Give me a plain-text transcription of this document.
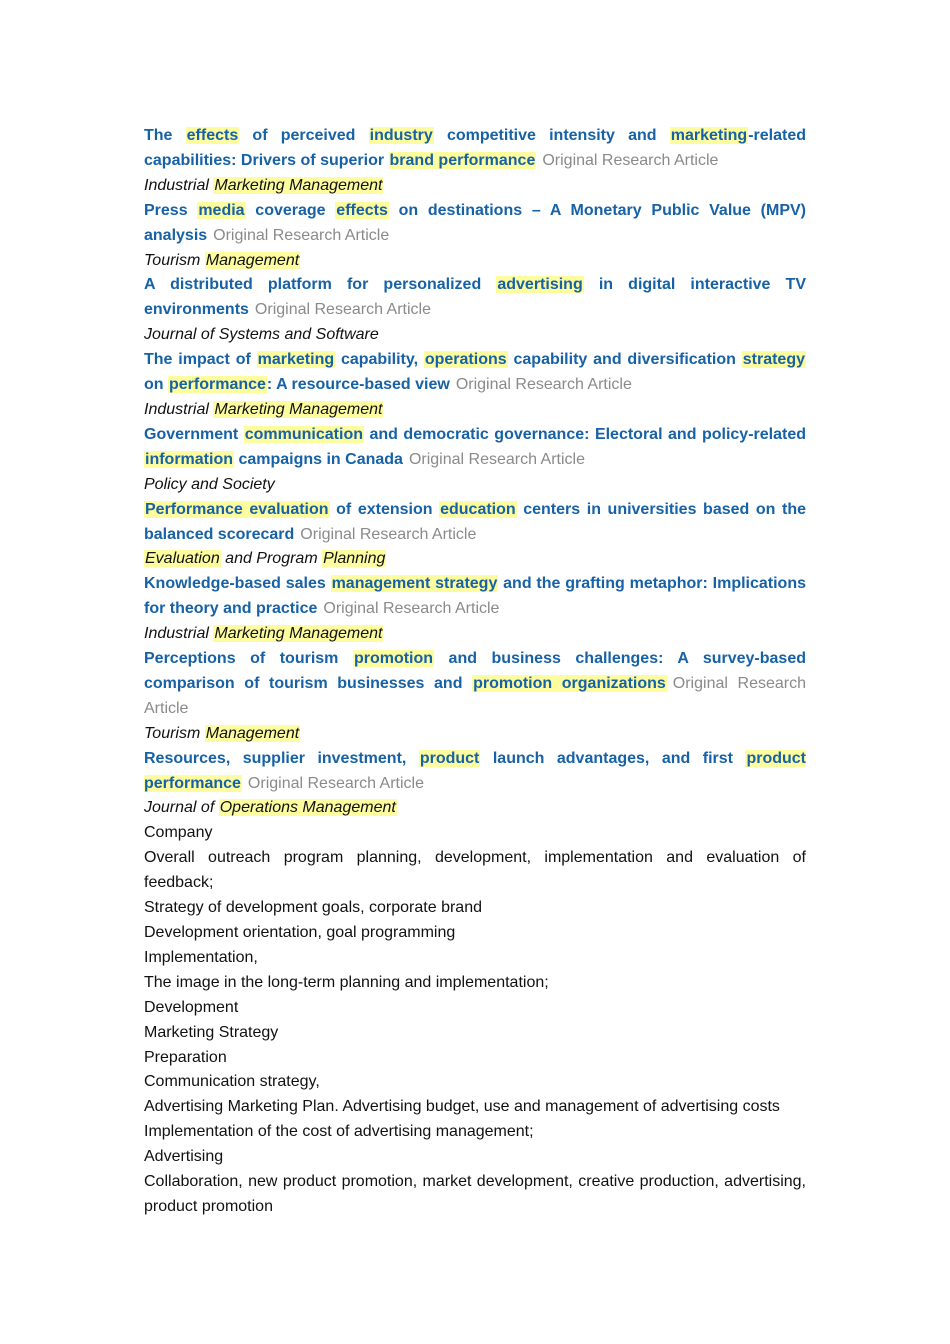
The effects of perceived industry competitive intensity and marketing-related capabilities: Drivers of superior brand performance Original Research Article

Industrial Marketing Management

Press media coverage effects on destinations – A Monetary Public Value (MPV) analysis Original Research Article

Tourism Management

A distributed platform for personalized advertising in digital interactive TV environments Original Research Article

Journal of Systems and Software

The impact of marketing capability, operations capability and diversification strategy on performance: A resource-based view Original Research Article

Industrial Marketing Management

Government communication and democratic governance: Electoral and policy-related information campaigns in Canada Original Research Article

Policy and Society

Performance evaluation of extension education centers in universities based on the balanced scorecard Original Research Article

Evaluation and Program Planning

Knowledge-based sales management strategy and the grafting metaphor: Implications for theory and practice Original Research Article

Industrial Marketing Management

Perceptions of tourism promotion and business challenges: A survey-based comparison of tourism businesses and promotion organizations Original Research Article

Tourism Management

Resources, supplier investment, product launch advantages, and first product performance Original Research Article

Journal of Operations Management

Company

Overall outreach program planning, development, implementation and evaluation of feedback;

Strategy of development goals, corporate brand

Development orientation, goal programming

Implementation,

The image in the long-term planning and implementation;

Development

Marketing Strategy

Preparation

Communication strategy,

Advertising Marketing Plan. Advertising budget, use and management of advertising costs

Implementation of the cost of advertising management;

Advertising

Collaboration, new product promotion, market development, creative production, advertising, product promotion
